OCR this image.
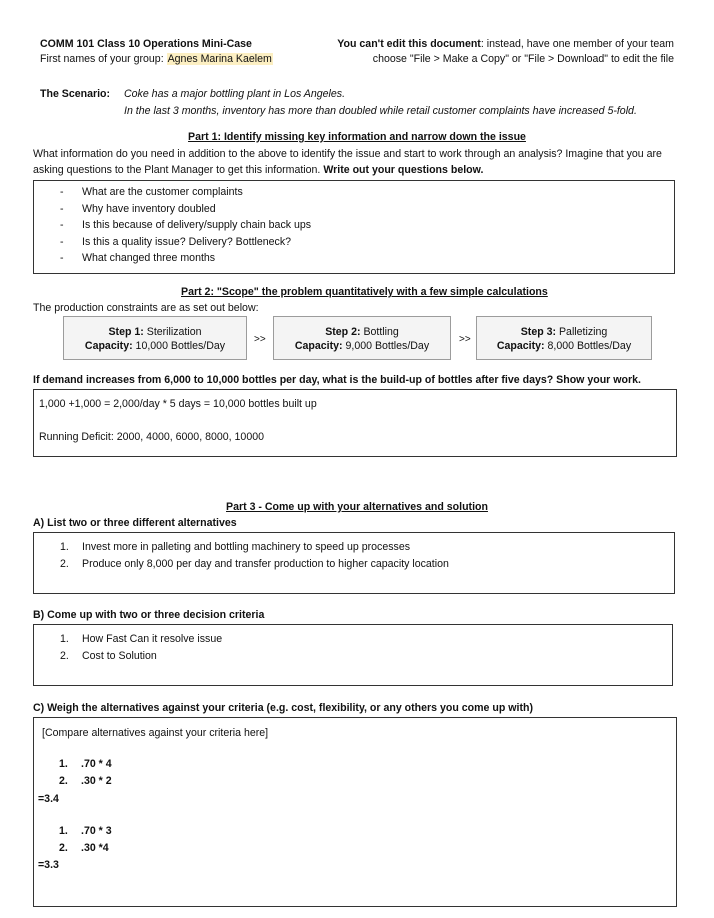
COMM 101 Class 10 Operations Mini-Case
First names of your group: Agnes Marina Kaelem
You can't edit this document: instead, have one member of your team
choose "File > Make a Copy" or "File > Download" to edit the file
The Scenario: Coke has a major bottling plant in Los Angeles.
In the last 3 months, inventory has more than doubled while retail customer complaints have increased 5-fold.
Part 1: Identify missing key information and narrow down the issue
What information do you need in addition to the above to identify the issue and start to work through an analysis? Imagine that you are
asking questions to the Plant Manager to get this information. Write out your questions below.
- What are the customer complaints
- Why have inventory doubled
- Is this because of delivery/supply chain back ups
- Is this a quality issue? Delivery? Bottleneck?
- What changed three months
Part 2: "Scope" the problem quantitatively with a few simple calculations
The production constraints are as set out below:
Step 1: Sterilization
Capacity: 10,000 Bottles/Day
>>
Step 2: Bottling
Capacity: 9,000 Bottles/Day
>>
Step 3: Palletizing
Capacity: 8,000 Bottles/Day
If demand increases from 6,000 to 10,000 bottles per day, what is the build-up of bottles after five days? Show your work.
1,000 +1,000 = 2,000/day * 5 days = 10,000 bottles built up
Running Deficit: 2000, 4000, 6000, 8000, 10000
Part 3 - Come up with your alternatives and solution
A) List two or three different alternatives
1. Invest more in palleting and bottling machinery to speed up processes
2. Produce only 8,000 per day and transfer production to higher capacity location
B) Come up with two or three decision criteria
1. How Fast Can it resolve issue
2. Cost to Solution
C) Weigh the alternatives against your criteria (e.g. cost, flexibility, or any others you come up with)
[Compare alternatives against your criteria here]
1. .70 * 4
2. .30 * 2
=3.4
1. .70 * 3
2. .30 *4
=3.3
